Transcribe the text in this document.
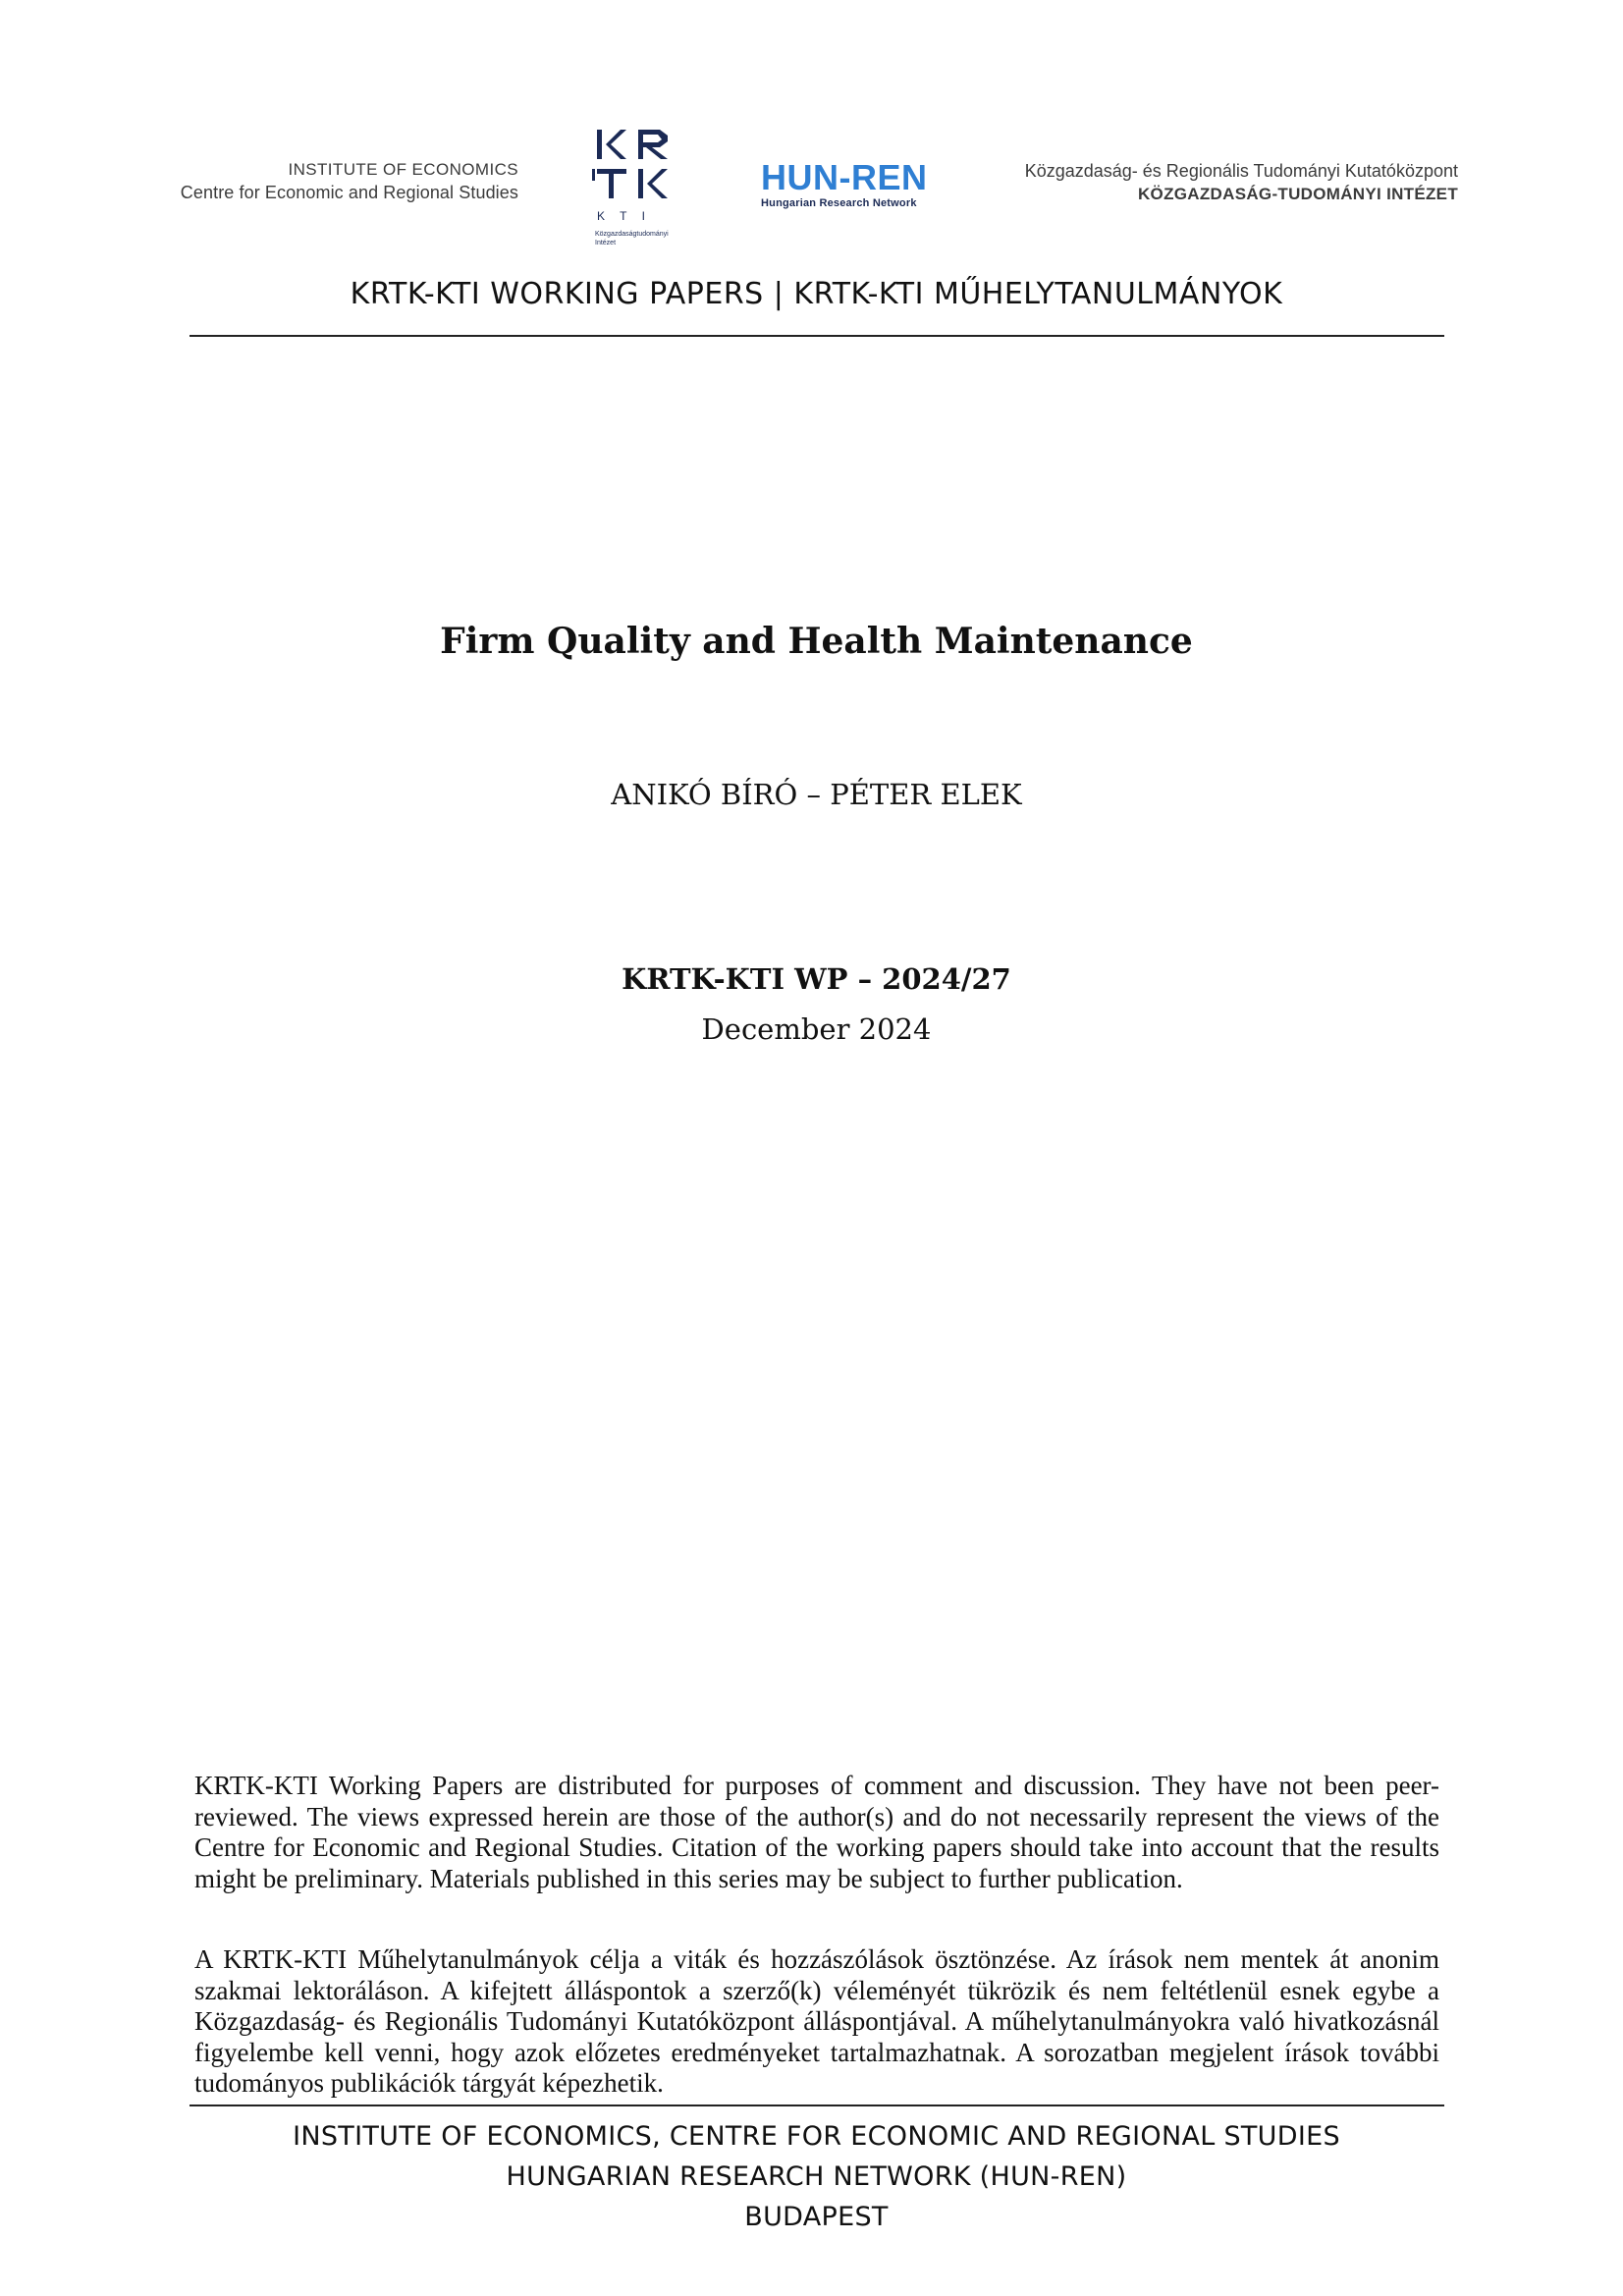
INSTITUTE OF ECONOMICS
Centre for Economic and Regional Studies
K T I
Közgazdaságtudományi
Intézet
HUN-REN
Hungarian Research Network
Közgazdaság- és Regionális Tudományi Kutatóközpont
KÖZGAZDASÁG-TUDOMÁNYI INTÉZET
KRTK-KTI WORKING PAPERS | KRTK-KTI MŰHELYTANULMÁNYOK
Firm Quality and Health Maintenance
ANIKÓ BÍRÓ – PÉTER ELEK
KRTK-KTI WP – 2024/27
December 2024

KRTK-KTI Working Papers are distributed for purposes of comment and discussion. They have not been peer-reviewed. The views expressed herein are those of the author(s) and do not necessarily represent the views of the Centre for Economic and Regional Studies. Citation of the working papers should take into account that the results might be preliminary. Materials published in this series may be subject to further publication.

A KRTK-KTI Műhelytanulmányok célja a viták és hozzászólások ösztönzése. Az írások nem mentek át anonim szakmai lektoráláson. A kifejtett álláspontok a szerző(k) véleményét tükrözik és nem feltétlenül esnek egybe a Közgazdaság- és Regionális Tudományi Kutatóközpont álláspontjával. A műhelytanulmányokra való hivatkozásnál figyelembe kell venni, hogy azok előzetes eredményeket tartalmazhatnak. A sorozatban megjelent írások további tudományos publikációk tárgyát képezhetik.

INSTITUTE OF ECONOMICS, CENTRE FOR ECONOMIC AND REGIONAL STUDIES
HUNGARIAN RESEARCH NETWORK (HUN-REN)
BUDAPEST
